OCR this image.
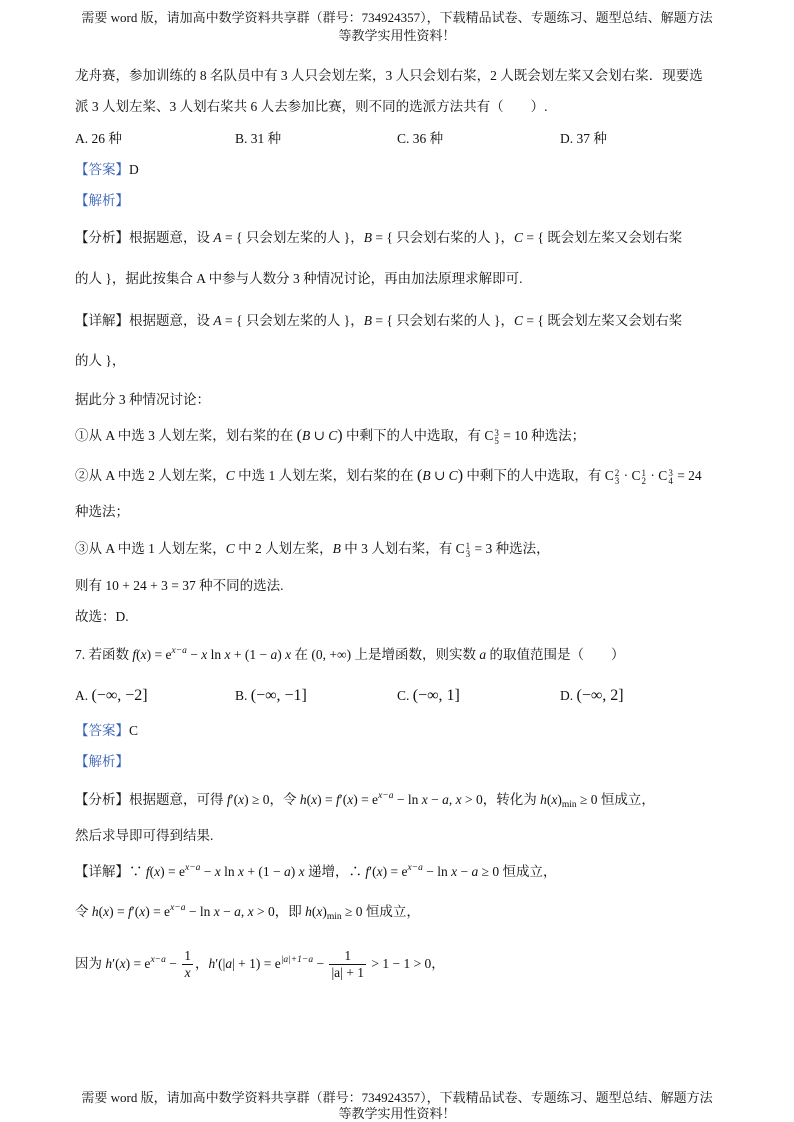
需要 word 版，请加高中数学资料共享群（群号：734924357），下载精品试卷、专题练习、题型总结、解题方法
等教学实用性资料！
龙舟赛，参加训练的 8 名队员中有 3 人只会划左桨，3 人只会划右桨，2 人既会划左桨又会划右桨．现要选
派 3 人划左桨、3 人划右桨共 6 人去参加比赛，则不同的选派方法共有（　　）.
A. 26 种	B. 31 种	C. 36 种	D. 37 种
【答案】D
【解析】
【分析】根据题意，设 A = { 只会划左桨的人 }，B = { 只会划右桨的人 }，C = { 既会划左桨又会划右桨
的人 }，据此按集合 A 中参与人数分 3 种情况讨论，再由加法原理求解即可.
【详解】根据题意，设 A = { 只会划左桨的人 }，B = { 只会划右桨的人 }，C = { 既会划左桨又会划右桨
的人 }，
据此分 3 种情况讨论：
①从 A 中选 3 人划左桨，划右桨的在 (B ∪ C) 中剩下的人中选取，有 C 3
5 = 10 种选法；
②从 A 中选 2 人划左桨，C 中选 1 人划左桨，划右桨的在 (B ∪ C) 中剩下的人中选取，有 C 2
3 · C 1
2 · C 3
4 = 24
种选法；
③从 A 中选 1 人划左桨，C 中 2 人划左桨，B 中 3 人划右桨，有 C 1
3 = 3 种选法，
则有 10 + 24 + 3 = 37 种不同的选法.
故选：D.
7. 若函数 $f(x) = e^{x-a} - x$ ln x + (1 − a) x 在 (0, +∞) 上是增函数，则实数 a 的取值范围是（　　）
A. (−∞, −2]	B. (−∞, −1]	C. (−∞, 1]	D. (−∞, 2]
【答案】C
【解析】
【分析】根据题意，可得 f′(x) ≥ 0，令 $h(x) = f'(x) = e^{x-a} - \ln x - a$, x > 0，转化为 $h(x)_{min} \ge 0$ 恒成立，
然后求导即可得到结果.
【详解】∵ $f(x) = e^{x-a} - x$ ln x + (1 − a) x 递增，∴ $f'(x) = e^{x-a} - \ln x - a \ge 0$ 恒成立，
令 $h(x) = f'(x) = e^{x-a} - \ln x - a$, x > 0，即 $h(x)_{min} \ge 0$ 恒成立，
因为 $h'(x) = e^{x-a} - \frac{1}{x}$ ，$h'(|a| + 1) = e^{|a|+1-a} - \frac{1}{|a| + 1} > 1 - 1 > 0$，
需要 word 版，请加高中数学资料共享群（群号：734924357），下载精品试卷、专题练习、题型总结、解题方法
等教学实用性资料！
